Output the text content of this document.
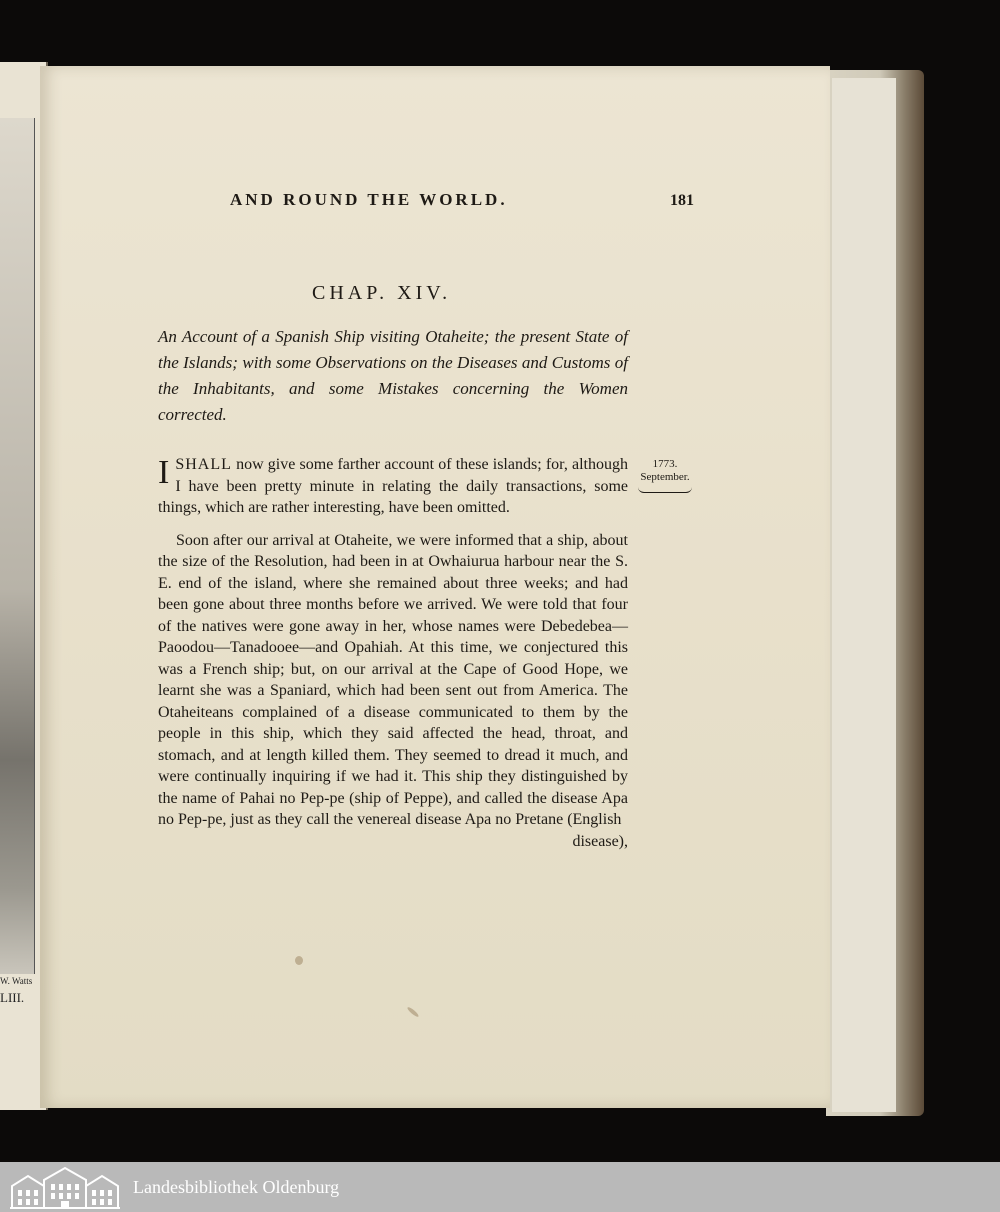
W. Watts
LIII.

AND ROUND THE WORLD.	181
CHAP. XIV.
An Account of a Spanish Ship visiting Otaheite; the present State of the Islands; with some Observations on the Diseases and Customs of the Inhabitants, and some Mistakes concerning the Women corrected.

ISHALL now give some farther account of these islands; for, although I have been pretty minute in relating the daily transactions, some things, which are rather interesting, have been omitted.

Soon after our arrival at Otaheite, we were informed that a ship, about the size of the Resolution, had been in at Owhaiurua harbour near the S. E. end of the island, where she remained about three weeks; and had been gone about three months before we arrived. We were told that four of the natives were gone away in her, whose names were Debedebea—Paoodou—Tanadooee—and Opahiah. At this time, we conjectured this was a French ship; but, on our arrival at the Cape of Good Hope, we learnt she was a Spaniard, which had been sent out from America. The Otaheiteans complained of a disease communicated to them by the people in this ship, which they said affected the head, throat, and stomach, and at length killed them. They seemed to dread it much, and were continually inquiring if we had it. This ship they distinguished by the name of Pahai no Pep-pe (ship of Peppe), and called the disease Apa no Pep-pe, just as they call the venereal disease Apa no Pretane (English

disease),

1773.
September.
Landesbibliothek Oldenburg
